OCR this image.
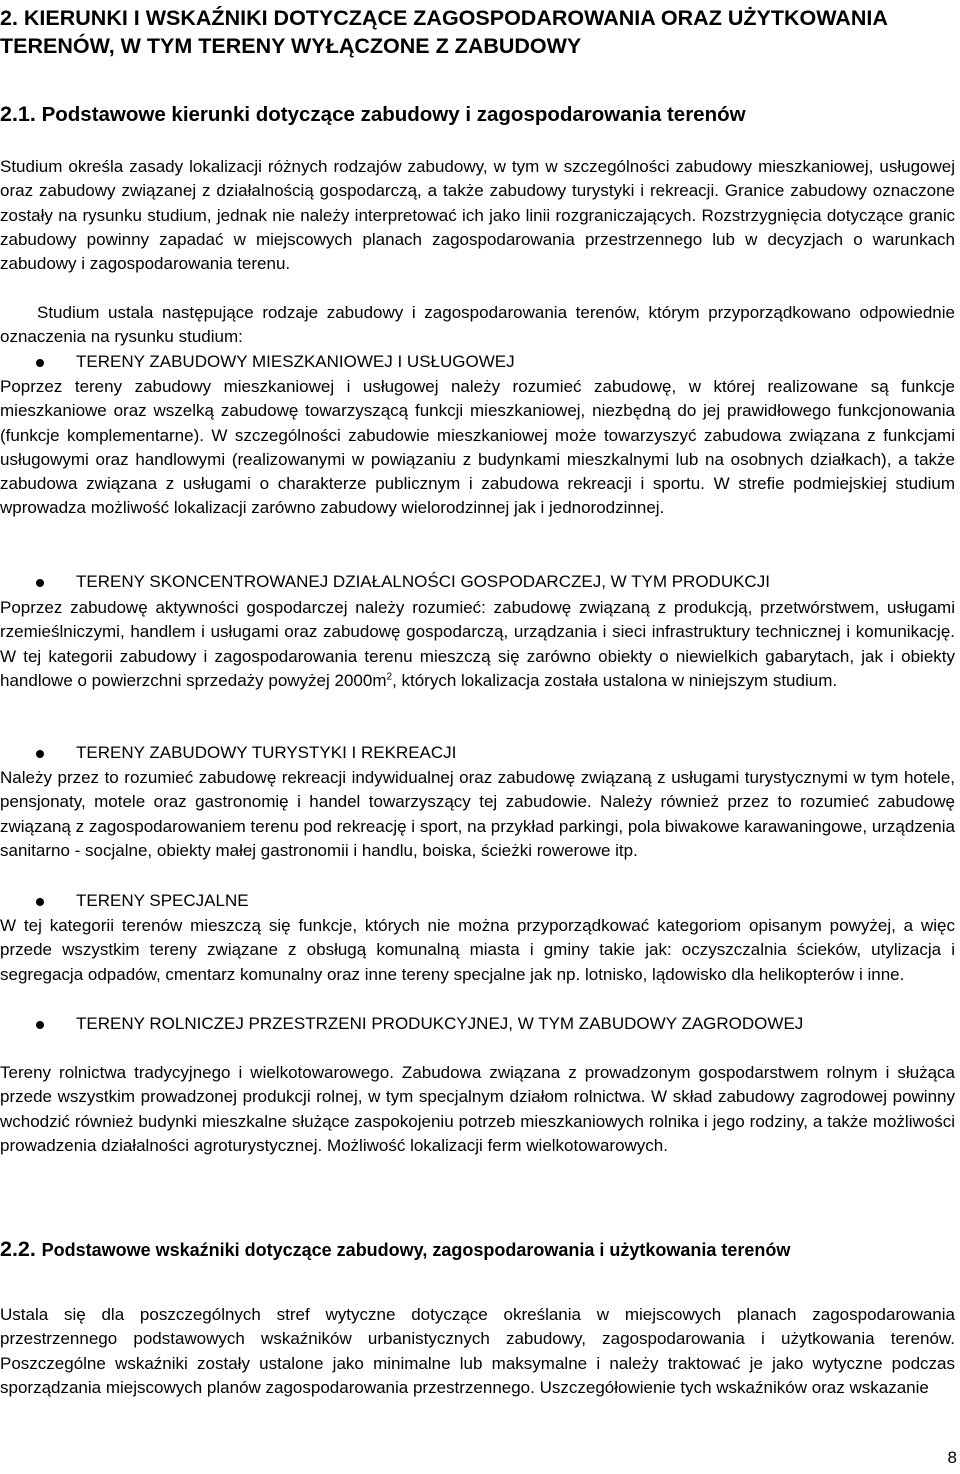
2. KIERUNKI I WSKAŹNIKI DOTYCZĄCE ZAGOSPODAROWANIA ORAZ UŻYTKOWANIA TERENÓW, W TYM TERENY WYŁĄCZONE Z ZABUDOWY
2.1. Podstawowe kierunki dotyczące zabudowy i zagospodarowania terenów
Studium określa zasady lokalizacji różnych rodzajów zabudowy, w tym w szczególności zabudowy mieszkaniowej, usługowej oraz zabudowy związanej z działalnością gospodarczą, a także zabudowy turystyki i rekreacji. Granice zabudowy oznaczone zostały na rysunku studium, jednak nie należy interpretować ich jako linii rozgraniczających. Rozstrzygnięcia dotyczące granic zabudowy powinny zapadać w miejscowych planach zagospodarowania przestrzennego lub w decyzjach o warunkach zabudowy i zagospodarowania terenu.
Studium ustala następujące rodzaje zabudowy i zagospodarowania terenów, którym przyporządkowano odpowiednie oznaczenia na rysunku studium:
TERENY ZABUDOWY MIESZKANIOWEJ I USŁUGOWEJ
Poprzez tereny zabudowy mieszkaniowej i usługowej należy rozumieć zabudowę, w której realizowane są funkcje mieszkaniowe oraz wszelką zabudowę towarzyszącą funkcji mieszkaniowej, niezbędną do jej prawidłowego funkcjonowania (funkcje komplementarne). W szczególności zabudowie mieszkaniowej może towarzyszyć zabudowa związana z funkcjami usługowymi oraz handlowymi (realizowanymi w powiązaniu z budynkami mieszkalnymi lub na osobnych działkach), a także zabudowa związana z usługami o charakterze publicznym i zabudowa rekreacji i sportu. W strefie podmiejskiej studium wprowadza możliwość lokalizacji zarówno zabudowy wielorodzinnej jak i jednorodzinnej.
TERENY SKONCENTROWANEJ DZIAŁALNOŚCI GOSPODARCZEJ, W TYM PRODUKCJI
Poprzez zabudowę aktywności gospodarczej należy rozumieć: zabudowę związaną z produkcją, przetwórstwem, usługami rzemieślniczymi, handlem i usługami oraz zabudowę gospodarczą, urządzania i sieci infrastruktury technicznej i komunikację. W tej kategorii zabudowy i zagospodarowania terenu mieszczą się zarówno obiekty o niewielkich gabarytach, jak i obiekty handlowe o powierzchni sprzedaży powyżej $2000m^2$, których lokalizacja została ustalona w niniejszym studium.
TERENY ZABUDOWY TURYSTYKI I REKREACJI
Należy przez to rozumieć zabudowę rekreacji indywidualnej oraz zabudowę związaną z usługami turystycznymi w tym hotele, pensjonaty, motele oraz gastronomię i handel towarzyszący tej zabudowie. Należy również przez to rozumieć zabudowę związaną z zagospodarowaniem terenu pod rekreację i sport, na przykład parkingi, pola biwakowe karawaningowe, urządzenia sanitarno - socjalne, obiekty małej gastronomii i handlu, boiska, ścieżki rowerowe itp.
TERENY SPECJALNE
W tej kategorii terenów mieszczą się funkcje, których nie można przyporządkować kategoriom opisanym powyżej, a więc przede wszystkim tereny związane z obsługą komunalną miasta i gminy takie jak: oczyszczalnia ścieków, utylizacja i segregacja odpadów, cmentarz komunalny oraz inne tereny specjalne jak np. lotnisko, lądowisko dla helikopterów i inne.
TERENY ROLNICZEJ PRZESTRZENI PRODUKCYJNEJ, W TYM ZABUDOWY ZAGRODOWEJ
Tereny rolnictwa tradycyjnego i wielkotowarowego. Zabudowa związana z prowadzonym gospodarstwem rolnym i służąca przede wszystkim prowadzonej produkcji rolnej, w tym specjalnym działom rolnictwa. W skład zabudowy zagrodowej powinny wchodzić również budynki mieszkalne służące zaspokojeniu potrzeb mieszkaniowych rolnika i jego rodziny, a także możliwości prowadzenia działalności agroturystycznej. Możliwość lokalizacji ferm wielkotowarowych.
2.2. Podstawowe wskaźniki dotyczące zabudowy, zagospodarowania i użytkowania terenów
Ustala się dla poszczególnych stref wytyczne dotyczące określania w miejscowych planach zagospodarowania przestrzennego podstawowych wskaźników urbanistycznych zabudowy, zagospodarowania i użytkowania terenów. Poszczególne wskaźniki zostały ustalone jako minimalne lub maksymalne i należy traktować je jako wytyczne podczas sporządzania miejscowych planów zagospodarowania przestrzennego. Uszczegółowienie tych wskaźników oraz wskazanie
8
